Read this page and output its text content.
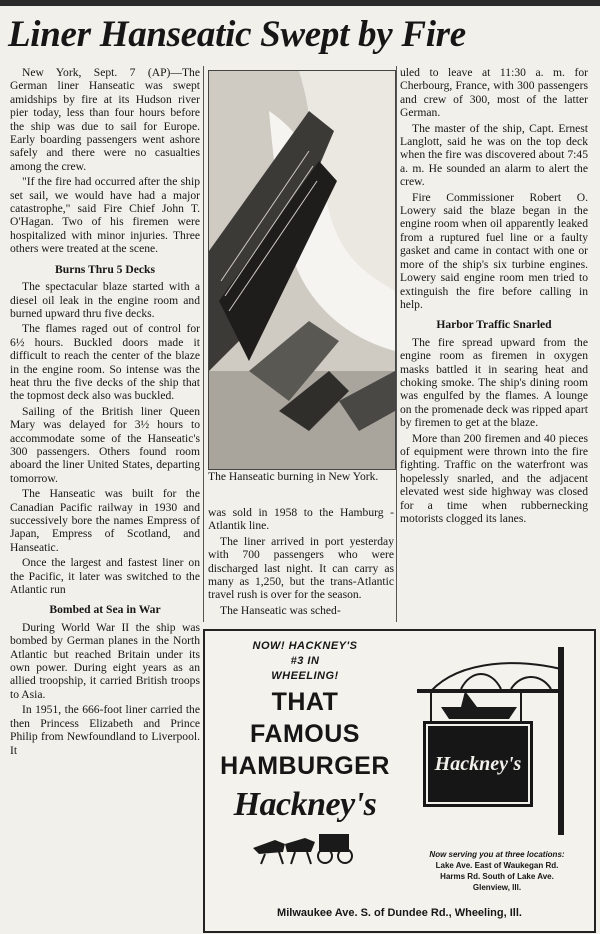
Liner Hanseatic Swept by Fire

New York, Sept. 7 (AP)—The German liner Hanseatic was swept amidships by fire at its Hudson river pier today, less than four hours before the ship was due to sail for Europe. Early boarding passengers went ashore safely and there were no casualties among the crew.

"If the fire had occurred after the ship set sail, we would have had a major catastrophe," said Fire Chief John T. O'Hagan. Two of his firemen were hospitalized with minor injuries. Three others were treated at the scene.

Burns Thru 5 Decks

The spectacular blaze started with a diesel oil leak in the engine room and burned upward thru five decks.

The flames raged out of control for 6½ hours. Buckled doors made it difficult to reach the center of the blaze in the engine room. So intense was the heat thru the five decks of the ship that the topmost deck also was buckled.

Sailing of the British liner Queen Mary was delayed for 3½ hours to accommodate some of the Hanseatic's 300 passengers. Others found room aboard the liner United States, departing tomorrow.

The Hanseatic was built for the Canadian Pacific railway in 1930 and successively bore the names Empress of Japan, Empress of Scotland, and Hanseatic.

Once the largest and fastest liner on the Pacific, it later was switched to the Atlantic run

Bombed at Sea in War

During World War II the ship was bombed by German planes in the North Atlantic but reached Britain under its own power. During eight years as an allied troopship, it carried British troops to Asia.

In 1951, the 666-foot liner carried the then Princess Elizabeth and Prince Philip from Newfoundland to Liverpool. It

The Hanseatic burning in New York.

was sold in 1958 to the Hamburg - Atlantik line.

The liner arrived in port yesterday with 700 passengers who were discharged last night. It can carry as many as 1,250, but the trans-Atlantic travel rush is over for the season.

The Hanseatic was sched-

uled to leave at 11:30 a. m. for Cherbourg, France, with 300 passengers and crew of 300, most of the latter German.

The master of the ship, Capt. Ernest Langlott, said he was on the top deck when the fire was discovered about 7:45 a. m. He sounded an alarm to alert the crew.

Fire Commissioner Robert O. Lowery said the blaze began in the engine room when oil apparently leaked from a ruptured fuel line or a faulty gasket and came in contact with one or more of the ship's six turbine engines. Lowery said engine room men tried to extinguish the fire before calling in help.

Harbor Traffic Snarled

The fire spread upward from the engine room as firemen in oxygen masks battled it in searing heat and choking smoke. The ship's dining room was engulfed by the flames. A lounge on the promenade deck was ripped apart by firemen to get at the blaze.

More than 200 firemen and 40 pieces of equipment were thrown into the fire fighting. Traffic on the waterfront was hopelessly snarled, and the adjacent elevated west side highway was closed for a time when rubbernecking motorists clogged its lanes.

NOW! HACKNEY'S
#3 IN
WHEELING!
THAT
FAMOUS
HAMBURGER
Hackney's
Hackney's
Now serving you at three locations:
Lake Ave. East of Waukegan Rd.
Harms Rd. South of Lake Ave.
Glenview, Ill.
Milwaukee Ave. S. of Dundee Rd., Wheeling, Ill.
